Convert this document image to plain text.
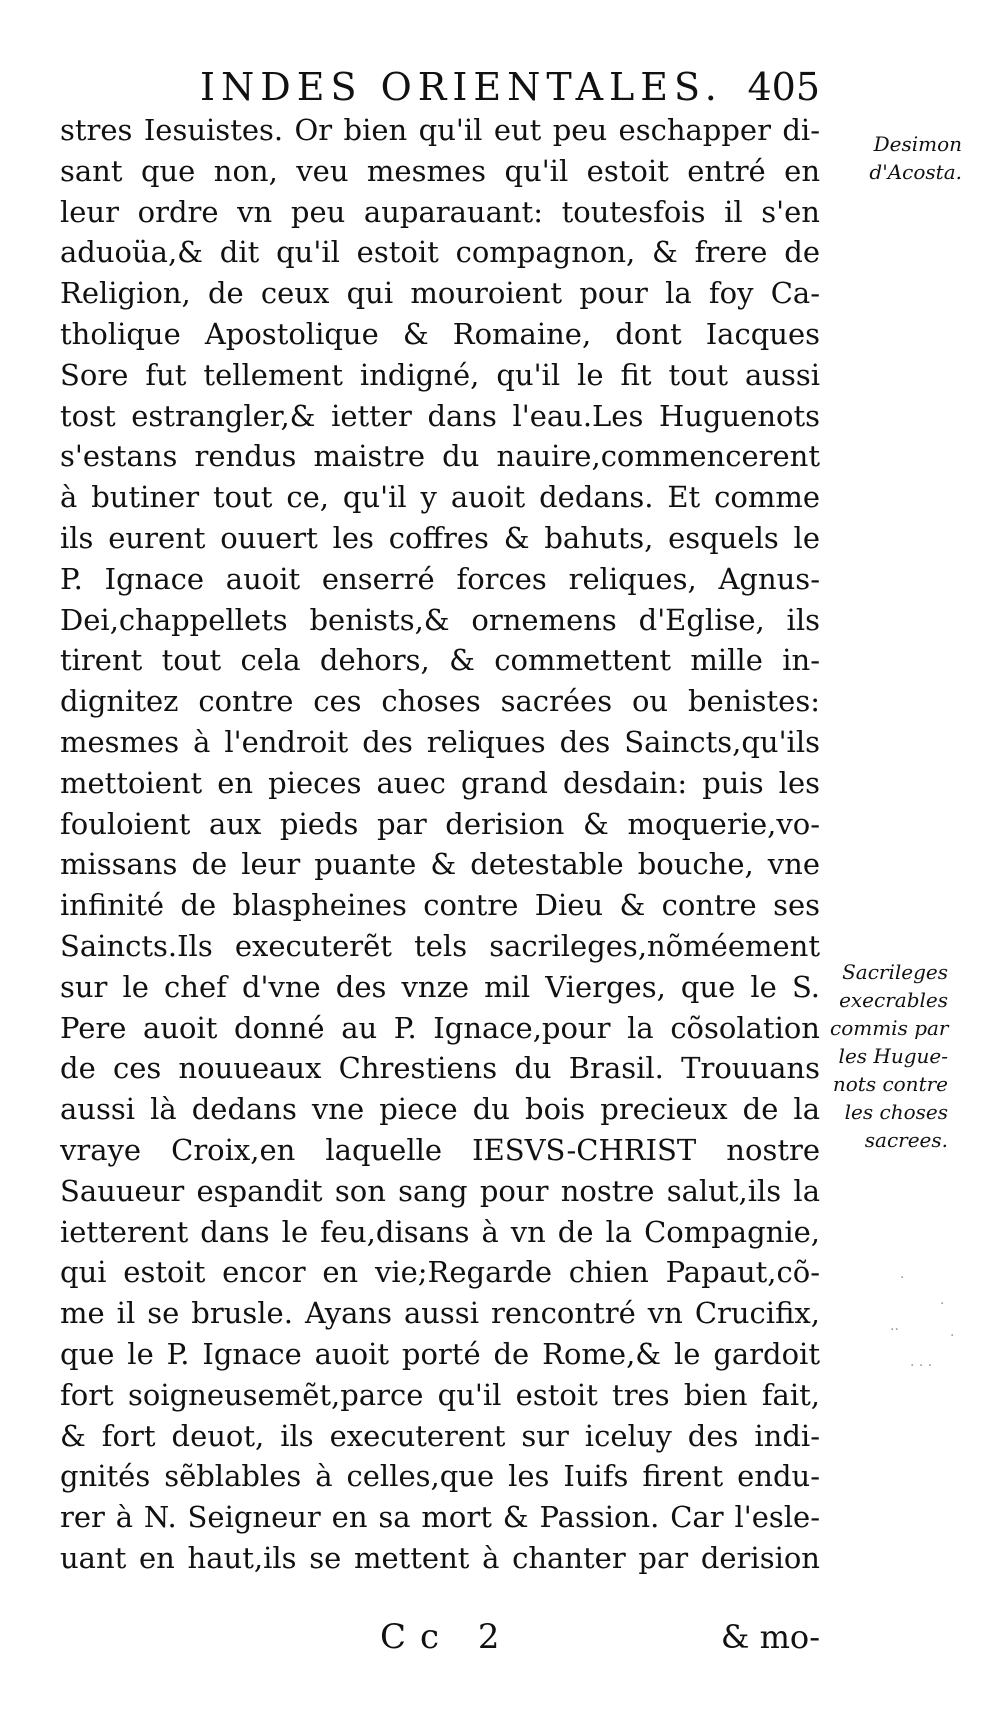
INDES ORIENTALES. 405
stres Iesuistes. Or bien qu'il eut peu eschapper di-
sant que non, veu mesmes qu'il estoit entré en
leur ordre vn peu auparauant: toutesfois il s'en
aduoüa,& dit qu'il estoit compagnon, & frere de
Religion, de ceux qui mouroient pour la foy Ca-
tholique Apostolique & Romaine, dont Iacques
Sore fut tellement indigné, qu'il le fit tout aussi
tost estrangler,& ietter dans l'eau.Les Huguenots
s'estans rendus maistre du nauire,commencerent
à butiner tout ce, qu'il y auoit dedans. Et comme
ils eurent ouuert les coffres & bahuts, esquels le
P. Ignace auoit enserré forces reliques, Agnus-
Dei,chappellets benists,& ornemens d'Eglise, ils
tirent tout cela dehors, & commettent mille in-
dignitez contre ces choses sacrées ou benistes:
mesmes à l'endroit des reliques des Saincts,qu'ils
mettoient en pieces auec grand desdain: puis les
fouloient aux pieds par derision & moquerie,vo-
missans de leur puante & detestable bouche, vne
infinité de blaspheines contre Dieu & contre ses
Saincts.Ils executerẽt tels sacrileges,nõméement
sur le chef d'vne des vnze mil Vierges, que le S.
Pere auoit donné au P. Ignace,pour la cõsolation
de ces nouueaux Chrestiens du Brasil. Trouuans
aussi là dedans vne piece du bois precieux de la
vraye Croix,en laquelle IESVS-CHRIST nostre
Sauueur espandit son sang pour nostre salut,ils la
ietterent dans le feu,disans à vn de la Compagnie,
qui estoit encor en vie;Regarde chien Papaut,cõ-
me il se brusle. Ayans aussi rencontré vn Crucifix,
que le P. Ignace auoit porté de Rome,& le gardoit
fort soigneusemẽt,parce qu'il estoit tres bien fait,
& fort deuot, ils executerent sur iceluy des indi-
gnités sẽblables à celles,que les Iuifs firent endu-
rer à N. Seigneur en sa mort & Passion. Car l'esle-
uant en haut,ils se mettent à chanter par derision
Desimon
d'Acosta.
Sacrileges
execrables
commis par
les Hugue-
nots contre
les choses
sacrees.
·
·
··	·
· · ·
Cc 2	& mo-
